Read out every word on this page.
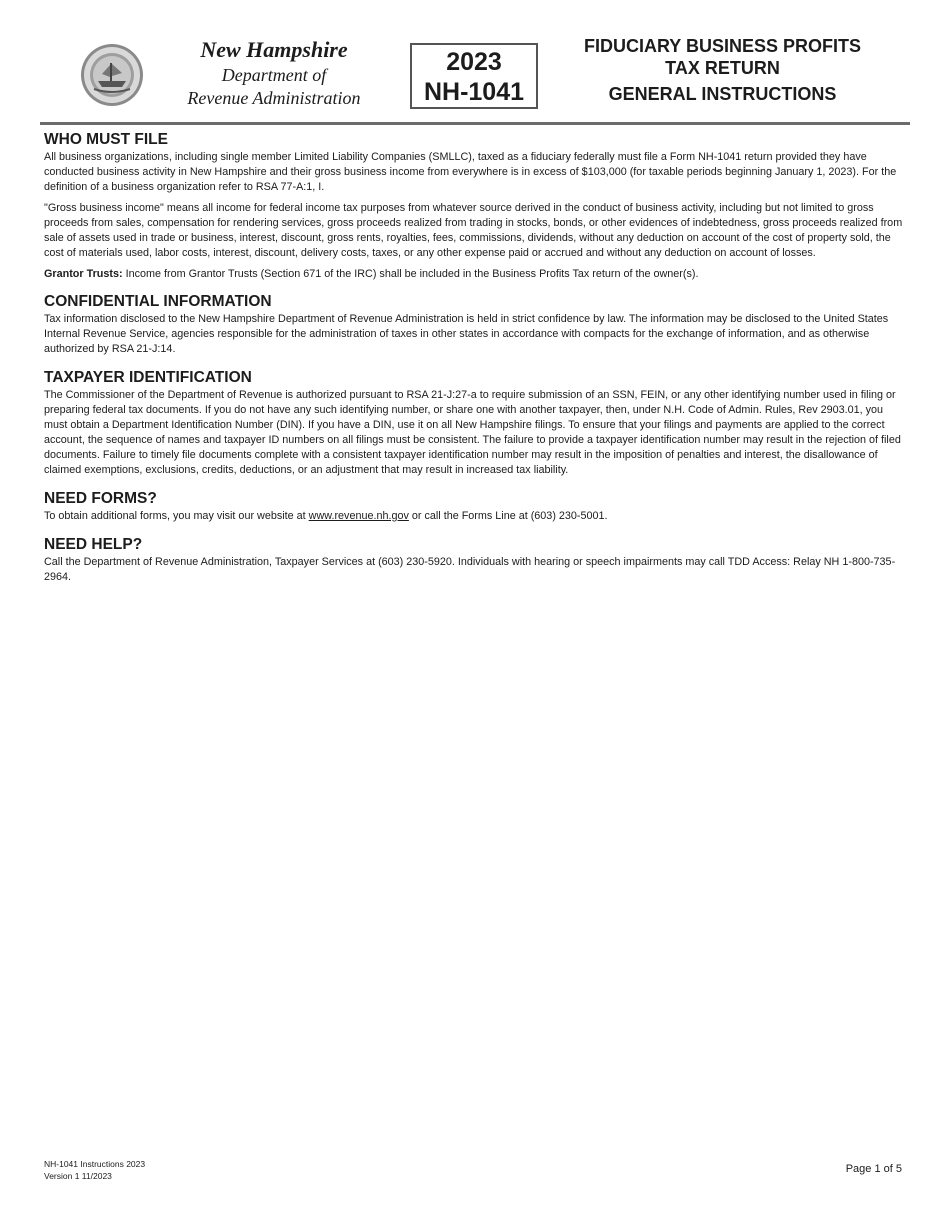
New Hampshire
Department of
Revenue Administration
2023
NH-1041
FIDUCIARY BUSINESS PROFITS
TAX RETURN
GENERAL INSTRUCTIONS
WHO MUST FILE

All business organizations, including single member Limited Liability Companies (SMLLC), taxed as a fiduciary federally must file a Form NH-1041 return provided they have conducted business activity in New Hampshire and their gross business income from everywhere is in excess of $103,000 (for taxable periods beginning January 1, 2023). For the definition of a business organization refer to RSA 77-A:1, I.

"Gross business income" means all income for federal income tax purposes from whatever source derived in the conduct of business activity, including but not limited to gross proceeds from sales, compensation for rendering services, gross proceeds realized from trading in stocks, bonds, or other evidences of indebtedness, gross proceeds realized from sale of assets used in trade or business, interest, discount, gross rents, royalties, fees, commissions, dividends, without any deduction on account of the cost of property sold, the cost of materials used, labor costs, interest, discount, delivery costs, taxes, or any other expense paid or accrued and without any deduction on account of losses.

Grantor Trusts: Income from Grantor Trusts (Section 671 of the IRC) shall be included in the Business Profits Tax return of the owner(s).

CONFIDENTIAL INFORMATION

Tax information disclosed to the New Hampshire Department of Revenue Administration is held in strict confidence by law. The information may be disclosed to the United States Internal Revenue Service, agencies responsible for the administration of taxes in other states in accordance with compacts for the exchange of information, and as otherwise authorized by RSA 21-J:14.

TAXPAYER IDENTIFICATION

The Commissioner of the Department of Revenue is authorized pursuant to RSA 21-J:27-a to require submission of an SSN, FEIN, or any other identifying number used in filing or preparing federal tax documents. If you do not have any such identifying number, or share one with another taxpayer, then, under N.H. Code of Admin. Rules, Rev 2903.01, you must obtain a Department Identification Number (DIN). If you have a DIN, use it on all New Hampshire filings. To ensure that your filings and payments are applied to the correct account, the sequence of names and taxpayer ID numbers on all filings must be consistent. The failure to provide a taxpayer identification number may result in the rejection of filed documents. Failure to timely file documents complete with a consistent taxpayer identification number may result in the imposition of penalties and interest, the disallowance of claimed exemptions, exclusions, credits, deductions, or an adjustment that may result in increased tax liability.

NEED FORMS?

To obtain additional forms, you may visit our website at www.revenue.nh.gov or call the Forms Line at (603) 230-5001.

NEED HELP?

Call the Department of Revenue Administration, Taxpayer Services at (603) 230-5920. Individuals with hearing or speech impairments may call TDD Access: Relay NH 1-800-735-2964.

NH-1041 Instructions 2023
Version 1 11/2023
Page 1 of 5
